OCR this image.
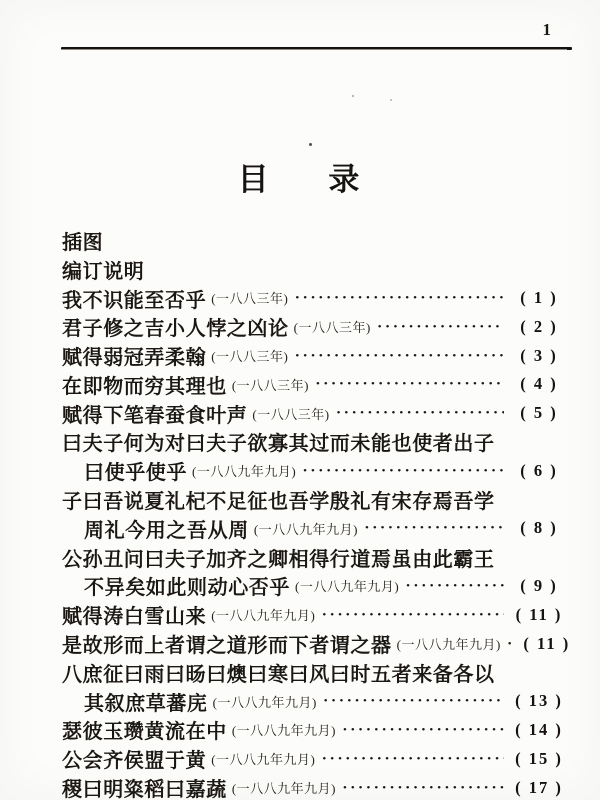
1
目 录
插图
编订说明
我不识能至否乎 (一八八三年) •••••	( 1 )
君子修之吉小人悖之凶论 (一八八三年) •••••	( 2 )
赋得弱冠弄柔翰 (一八八三年) •••••	( 3 )
在即物而穷其理也 (一八八三年) •••••	( 4 )
赋得下笔春蚕食叶声 (一八八三年) •••••	( 5 )
曰夫子何为对曰夫子欲寡其过而未能也使者出子
曰使乎使乎 (一八八九年九月) •••••	( 6 )
子曰吾说夏礼杞不足征也吾学殷礼有宋存焉吾学
周礼今用之吾从周 (一八八九年九月) •••••	( 8 )
公孙丑问曰夫子加齐之卿相得行道焉虽由此霸王
不异矣如此则动心否乎 (一八八九年九月) •••••	( 9 )
赋得涛白雪山来 (一八八九年九月) •••••	( 11 )
是故形而上者谓之道形而下者谓之器 (一八八九年九月) •••••	( 11 )
八庶征曰雨曰旸曰燠曰寒曰风曰时五者来备各以
其叙庶草蕃庑 (一八八九年九月) •••••	( 13 )
瑟彼玉瓒黄流在中 (一八八九年九月) •••••	( 14 )
公会齐侯盟于黄 (一八八九年九月) •••••	( 15 )
稷曰明粢稻曰嘉蔬 (一八八九年九月) •••••	( 17 )
